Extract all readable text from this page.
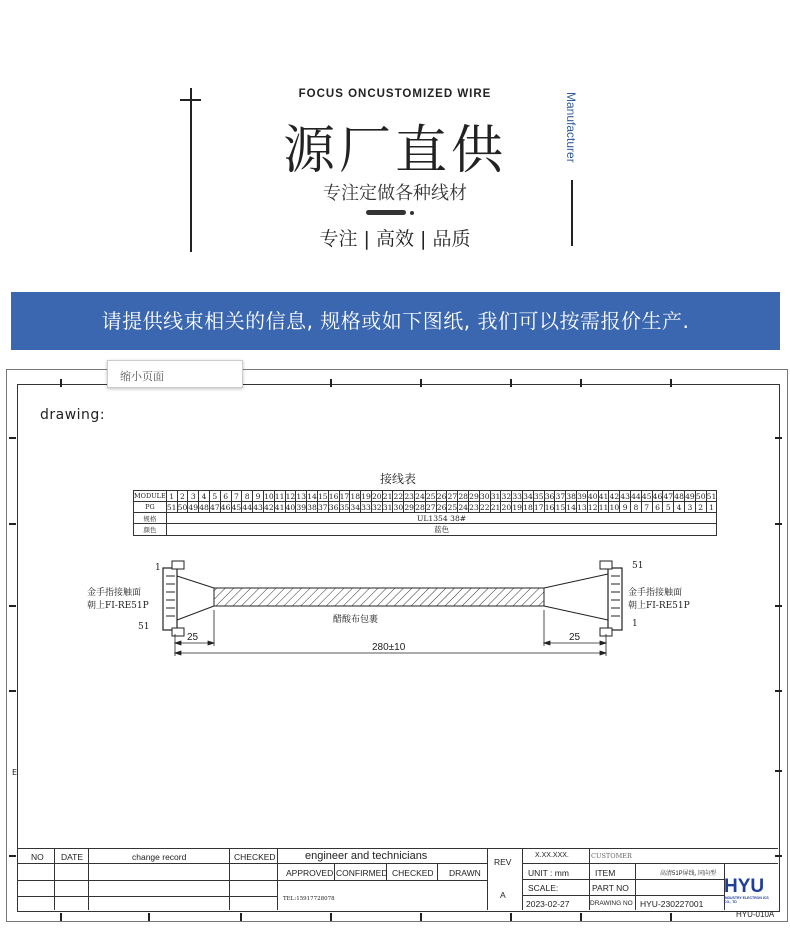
FOCUS ONCUSTOMIZED WIRE
源厂直供
专注定做各种线材
专注 | 高效 | 品质
Manufacturer
请提供线束相关的信息, 规格或如下图纸, 我们可以按需报价生产.
E
缩小页面
drawing:
接线表
MODULE	1	2	3	4	5	6	7	8	9	10	11	12	13	14	15	16	17	18	19	20	21	22	23	24	25	26	27	28	29	30	31	32	33	34	35	36	37	38	39	40	41	42	43	44	45	46	47	48	49	50	51
PG	51	50	49	48	47	46	45	44	43	42	41	40	39	38	37	36	35	34	33	32	31	30	29	28	27	26	25	24	23	22	21	20	19	18	17	16	15	14	13	12	11	10	9	8	7	6	5	4	3	2	1
规格	UL1354 38#																																																		
颜色	蓝色																																																		
1
51
51
1
金手指接触面
朝上FI-RE51P
金手指接触面
朝上FI-RE51P
醋酸布包裹
25	25
280±10
NO DATE	change record	CHECKED	engineer and technicians
APPROVED CONFIRMED CHECKED DRAWN
TEL:15917728078
REV
A
X.XX.XXX.
UNIT : mm
SCALE:
2023-02-27
CUSTOMER
ITEM	高清51P屏线, 同向型
PART NO
DRAWING NO HYU-230227001
HYU
INDUSTRY ELECTRON ICS CO., TD
HYU-010A
